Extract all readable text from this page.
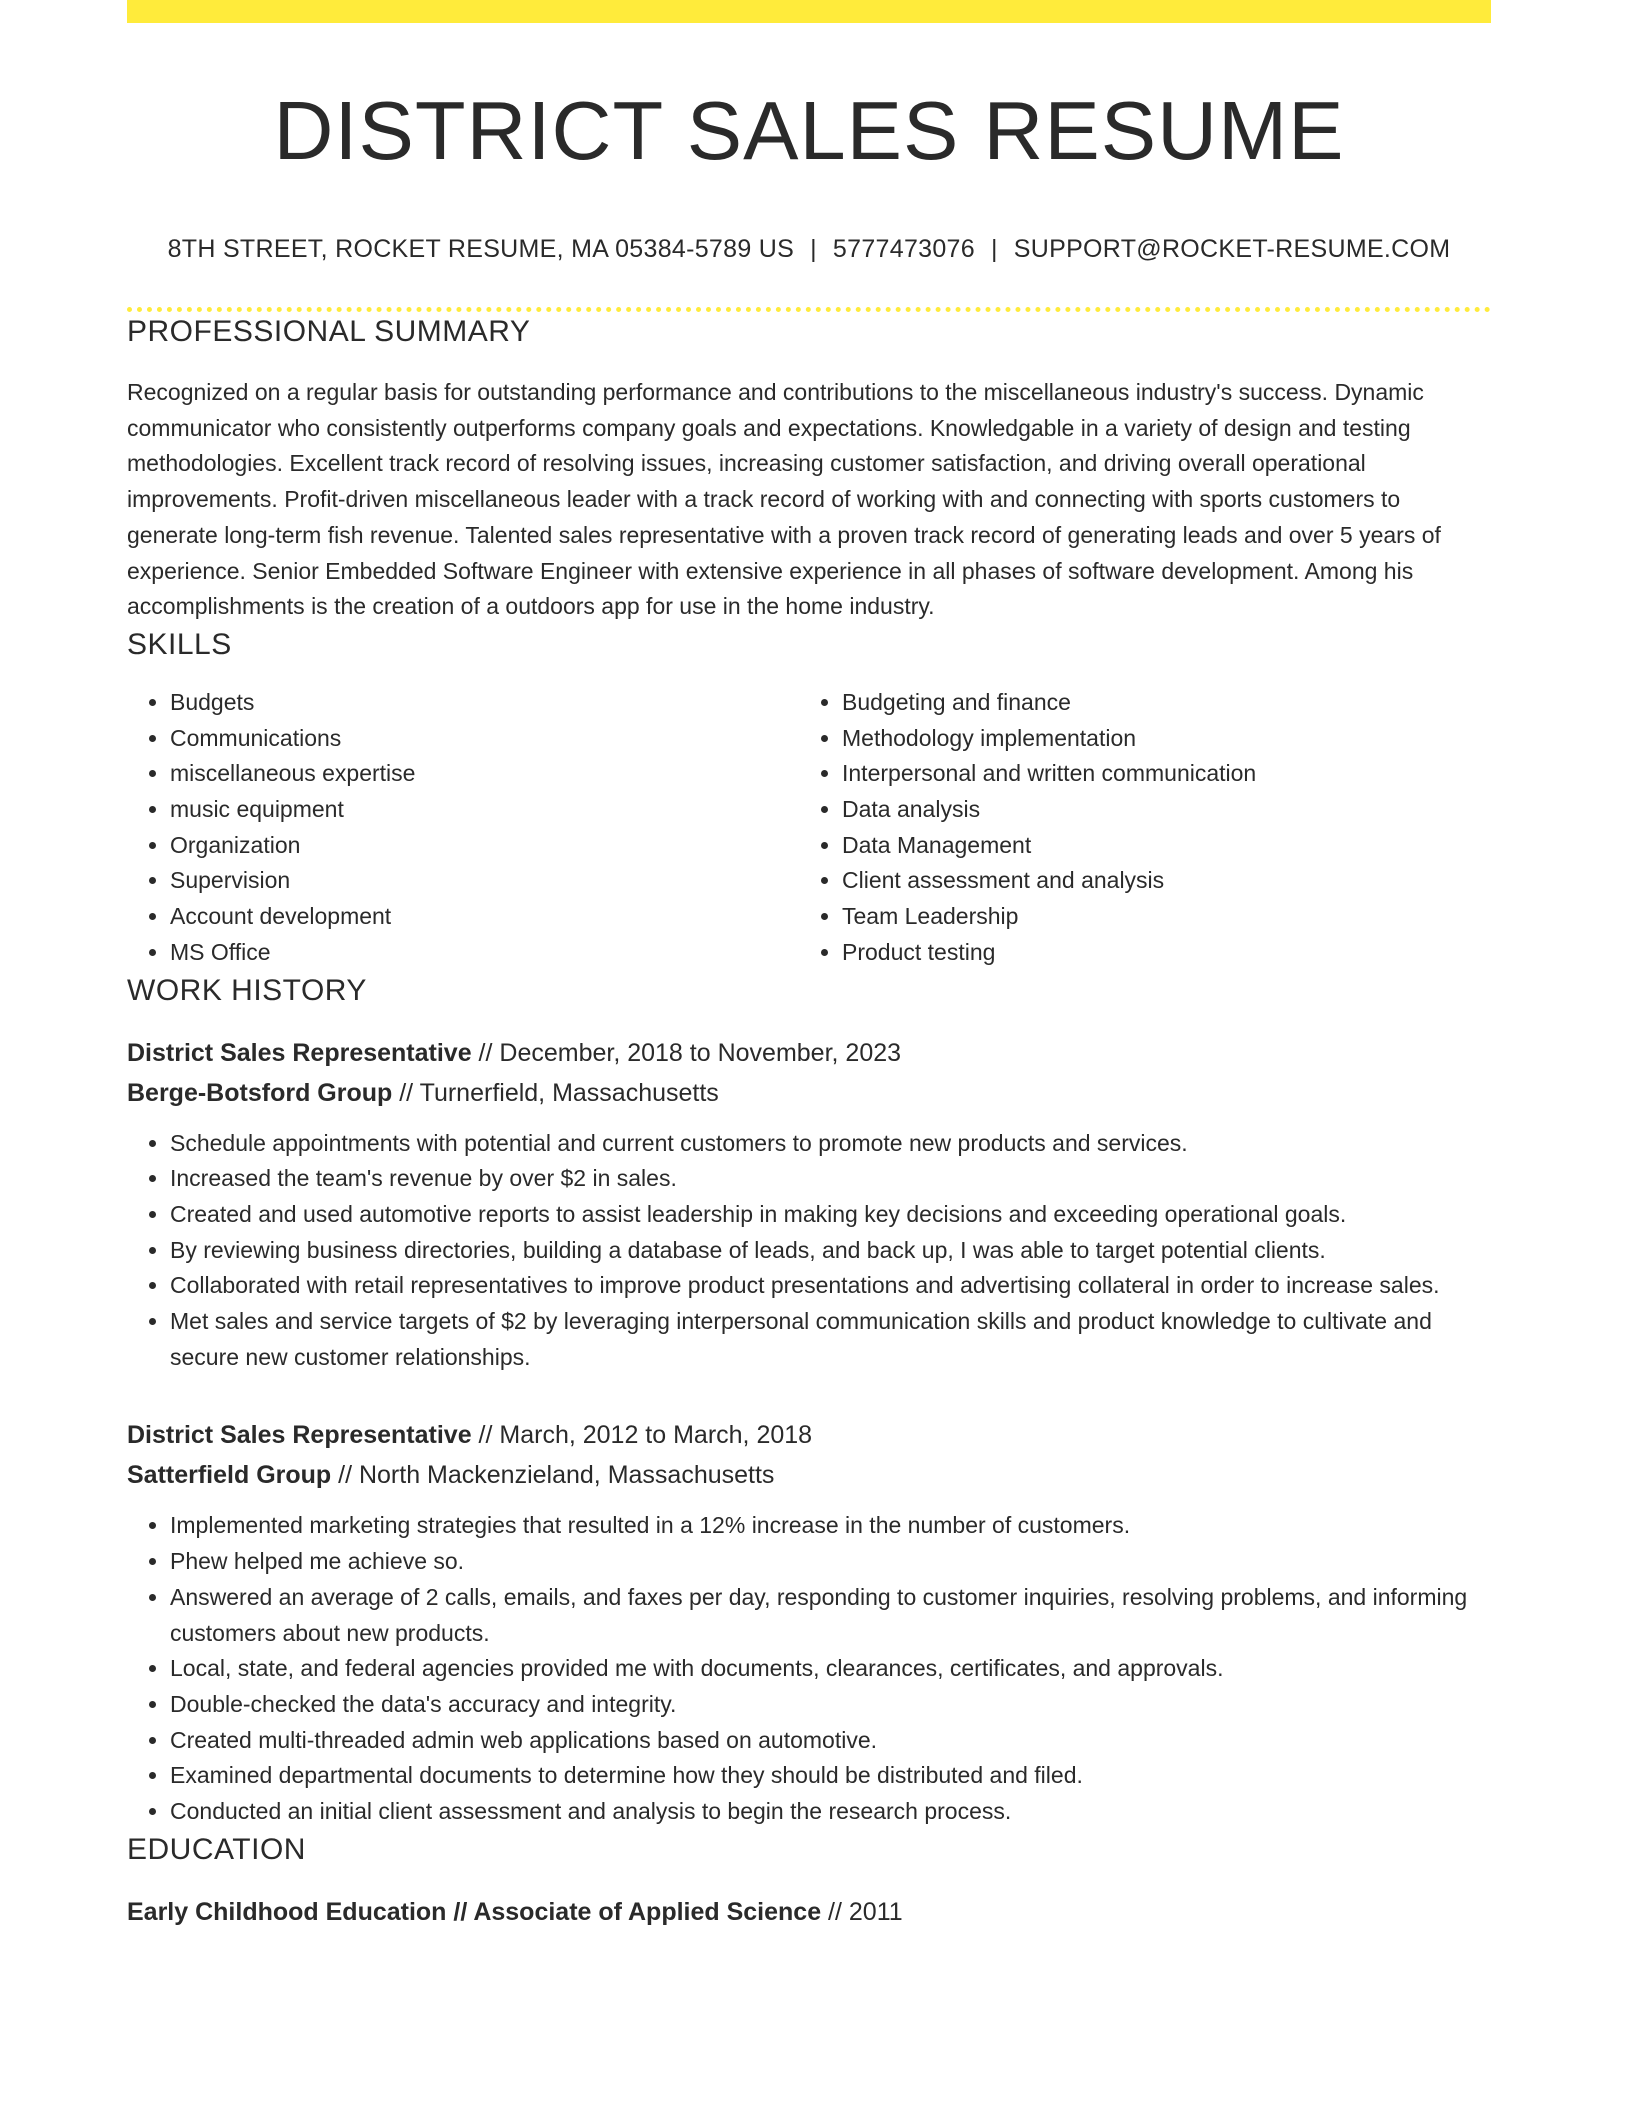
DISTRICT SALES RESUME
8TH STREET, ROCKET RESUME, MA 05384-5789 US | 5777473076 | SUPPORT@ROCKET-RESUME.COM
PROFESSIONAL SUMMARY

Recognized on a regular basis for outstanding performance and contributions to the miscellaneous industry's success. Dynamic communicator who consistently outperforms company goals and expectations. Knowledgable in a variety of design and testing methodologies. Excellent track record of resolving issues, increasing customer satisfaction, and driving overall operational improvements. Profit-driven miscellaneous leader with a track record of working with and connecting with sports customers to generate long-term fish revenue. Talented sales representative with a proven track record of generating leads and over 5 years of experience. Senior Embedded Software Engineer with extensive experience in all phases of software development. Among his accomplishments is the creation of a outdoors app for use in the home industry.

SKILLS
• Budgets
• Communications
• miscellaneous expertise
• music equipment
• Organization
• Supervision
• Account development
• MS Office
• Budgeting and finance
• Methodology implementation
• Interpersonal and written communication
• Data analysis
• Data Management
• Client assessment and analysis
• Team Leadership
• Product testing
WORK HISTORY

District Sales Representative // December, 2018 to November, 2023

Berge-Botsford Group // Turnerfield, Massachusetts

• Schedule appointments with potential and current customers to promote new products and services.
• Increased the team's revenue by over $2 in sales.
• Created and used automotive reports to assist leadership in making key decisions and exceeding operational goals.
• By reviewing business directories, building a database of leads, and back up, I was able to target potential clients.
• Collaborated with retail representatives to improve product presentations and advertising collateral in order to increase sales.
• Met sales and service targets of $2 by leveraging interpersonal communication skills and product knowledge to cultivate and secure new customer relationships.

District Sales Representative // March, 2012 to March, 2018

Satterfield Group // North Mackenzieland, Massachusetts

• Implemented marketing strategies that resulted in a 12% increase in the number of customers.
• Phew helped me achieve so.
• Answered an average of 2 calls, emails, and faxes per day, responding to customer inquiries, resolving problems, and informing customers about new products.
• Local, state, and federal agencies provided me with documents, clearances, certificates, and approvals.
• Double-checked the data's accuracy and integrity.
• Created multi-threaded admin web applications based on automotive.
• Examined departmental documents to determine how they should be distributed and filed.
• Conducted an initial client assessment and analysis to begin the research process.
EDUCATION

Early Childhood Education // Associate of Applied Science // 2011
